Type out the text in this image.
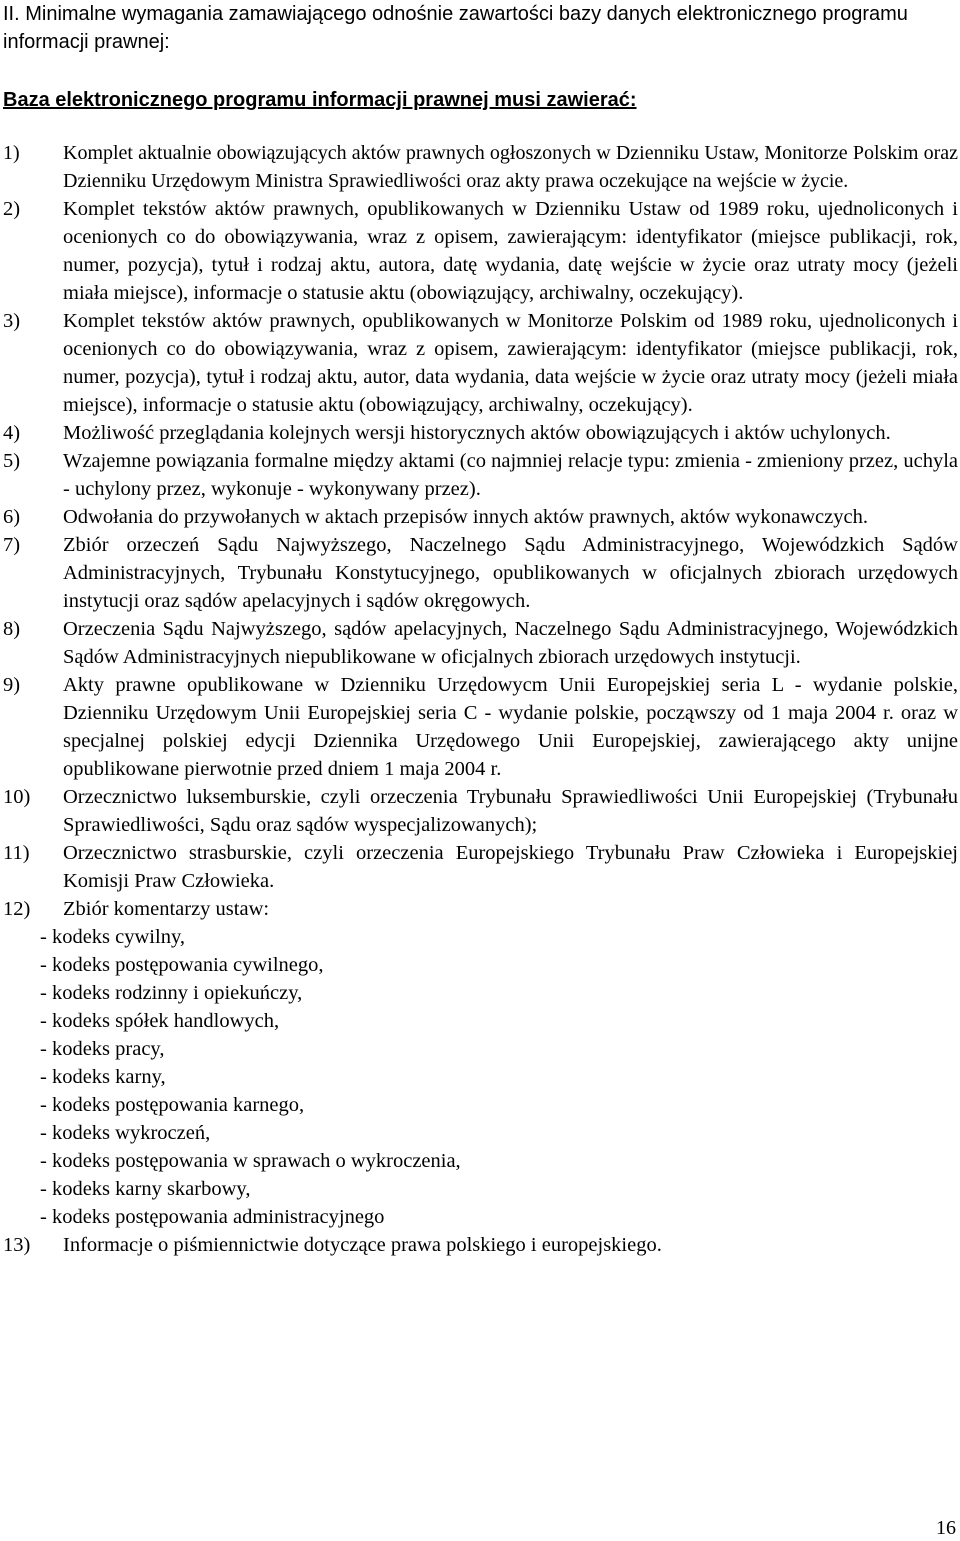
II. Minimalne wymagania zamawiającego odnośnie zawartości bazy danych elektronicznego programu informacji prawnej:
Baza elektronicznego programu informacji prawnej musi zawierać:
1) Komplet aktualnie obowiązujących aktów prawnych ogłoszonych w Dzienniku Ustaw, Monitorze Polskim oraz Dzienniku Urzędowym Ministra Sprawiedliwości oraz akty prawa oczekujące na wejście w życie.
2) Komplet tekstów aktów prawnych, opublikowanych w Dzienniku Ustaw od 1989 roku, ujednoliconych i ocenionych co do obowiązywania, wraz z opisem, zawierającym: identyfikator (miejsce publikacji, rok, numer, pozycja), tytuł i rodzaj aktu, autora, datę wydania, datę wejście w życie oraz utraty mocy (jeżeli miała miejsce), informacje o statusie aktu (obowiązujący, archiwalny, oczekujący).
3) Komplet tekstów aktów prawnych, opublikowanych w Monitorze Polskim od 1989 roku, ujednoliconych i ocenionych co do obowiązywania, wraz z opisem, zawierającym: identyfikator (miejsce publikacji, rok, numer, pozycja), tytuł i rodzaj aktu, autor, data wydania, data wejście w życie oraz utraty mocy (jeżeli miała miejsce), informacje o statusie aktu (obowiązujący, archiwalny, oczekujący).
4) Możliwość przeglądania kolejnych wersji historycznych aktów obowiązujących i aktów uchylonych.
5) Wzajemne powiązania formalne między aktami (co najmniej relacje typu: zmienia - zmieniony przez, uchyla - uchylony przez, wykonuje - wykonywany przez).
6) Odwołania do przywołanych w aktach przepisów innych aktów prawnych, aktów wykonawczych.
7) Zbiór orzeczeń Sądu Najwyższego, Naczelnego Sądu Administracyjnego, Wojewódzkich Sądów Administracyjnych, Trybunału Konstytucyjnego, opublikowanych w oficjalnych zbiorach urzędowych instytucji oraz sądów apelacyjnych i sądów okręgowych.
8) Orzeczenia Sądu Najwyższego, sądów apelacyjnych, Naczelnego Sądu Administracyjnego, Wojewódzkich Sądów Administracyjnych niepublikowane w oficjalnych zbiorach urzędowych instytucji.
9) Akty prawne opublikowane w Dzienniku Urzędowycm Unii Europejskiej seria L - wydanie polskie, Dzienniku Urzędowym Unii Europejskiej seria C - wydanie polskie, począwszy od 1 maja 2004 r. oraz w specjalnej polskiej edycji Dziennika Urzędowego Unii Europejskiej, zawierającego akty unijne opublikowane pierwotnie przed dniem 1 maja 2004 r.
10) Orzecznictwo luksemburskie, czyli orzeczenia Trybunału Sprawiedliwości Unii Europejskiej (Trybunału Sprawiedliwości, Sądu oraz sądów wyspecjalizowanych);
11) Orzecznictwo strasburskie, czyli orzeczenia Europejskiego Trybunału Praw Człowieka i Europejskiej Komisji Praw Człowieka.
12) Zbiór komentarzy ustaw:
- kodeks cywilny,
- kodeks postępowania cywilnego,
- kodeks rodzinny i opiekuńczy,
- kodeks spółek handlowych,
- kodeks pracy,
- kodeks karny,
- kodeks postępowania karnego,
- kodeks wykroczeń,
- kodeks postępowania w sprawach o wykroczenia,
- kodeks karny skarbowy,
- kodeks postępowania administracyjnego
13) Informacje o piśmiennictwie dotyczące prawa polskiego i europejskiego.
16
